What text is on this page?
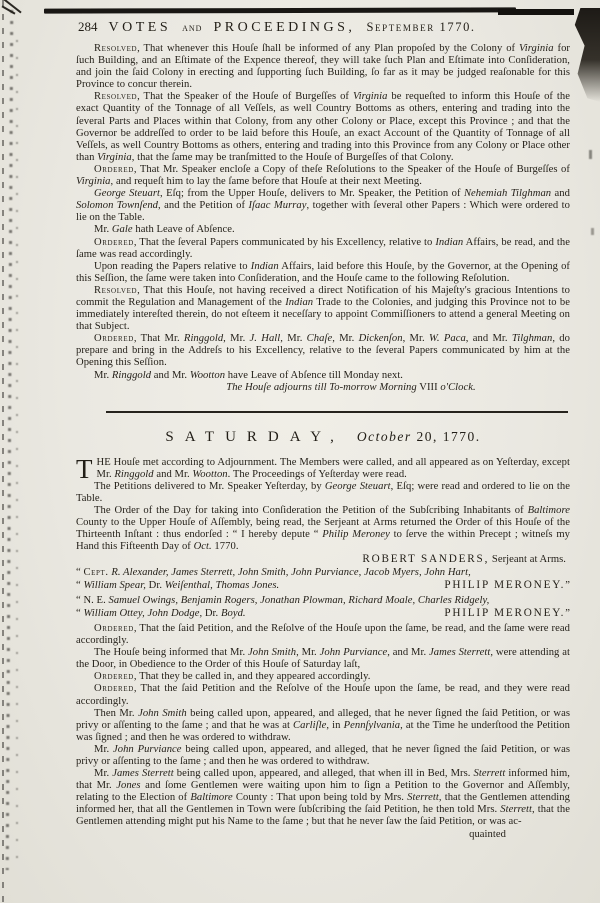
284 VOTES and PROCEEDINGS, September 1770.
Resolved, That whenever this Houſe ſhall be informed of any Plan propoſed by the Colony of Virginia for ſuch Building, and an Eſtimate of the Expence thereof, they will take ſuch Plan and Eſtimate into Conſideration, and join the ſaid Colony in erecting and ſupporting ſuch Building, ſo far as it may be judged reaſonable for this Province to concur therein.
Resolved, That the Speaker of the Houſe of Burgeſſes of Virginia be requeſted to inform this Houſe of the exact Quantity of the Tonnage of all Veſſels, as well Country Bottoms as others, entering and trading into the ſeveral Parts and Places within that Colony, from any other Colony or Place, except this Province ; and that the Governor be addreſſed to order to be laid before this Houſe, an exact Account of the Quantity of Tonnage of all Veſſels, as well Country Bottoms as others, entering and trading into this Province from any Colony or Place other than Virginia, that the ſame may be tranſmitted to the Houſe of Burgeſſes of that Colony.
Ordered, That Mr. Speaker encloſe a Copy of theſe Reſolutions to the Speaker of the Houſe of Burgeſſes of Virginia, and requeſt him to lay the ſame before that Houſe at their next Meeting.
George Steuart, Eſq; from the Upper Houſe, delivers to Mr. Speaker, the Petition of Nehemiah Tilghman and Solomon Townſend, and the Petition of Iſaac Murray, together with ſeveral other Papers : Which were ordered to lie on the Table.
Mr. Gale hath Leave of Abſence.
Ordered, That the ſeveral Papers communicated by his Excellency, relative to Indian Affairs, be read, and the ſame was read accordingly.
Upon reading the Papers relative to Indian Affairs, laid before this Houſe, by the Governor, at the Opening of this Seſſion, the ſame were taken into Conſideration, and the Houſe came to the following Reſolution.
Resolved, That this Houſe, not having received a direct Notification of his Majeſty's gracious Intentions to commit the Regulation and Management of the Indian Trade to the Colonies, and judging this Province not to be immediately intereſted therein, do not eſteem it neceſſary to appoint Commiſſioners to attend a general Meeting on that Subject.
Ordered, That Mr. Ringgold, Mr. J. Hall, Mr. Chaſe, Mr. Dickenſon, Mr. W. Paca, and Mr. Tilghman, do prepare and bring in the Addreſs to his Excellency, relative to the ſeveral Papers communicated by him at the Opening this Seſſion.
Mr. Ringgold and Mr. Wootton have Leave of Abſence till Monday next.
The Houſe adjourns till To-morrow Morning VIII o'Clock.
SATURDAY, October 20, 1770.
THE Houſe met according to Adjournment. The Members were called, and all appeared as on Yeſterday, except Mr. Ringgold and Mr. Wootton. The Proceedings of Yeſterday were read.
The Petitions delivered to Mr. Speaker Yeſterday, by George Steuart, Eſq; were read and ordered to lie on the Table.
The Order of the Day for taking into Conſideration the Petition of the Subſcribing Inhabitants of Baltimore County to the Upper Houſe of Aſſembly, being read, the Serjeant at Arms returned the Order of this Houſe of the Thirteenth Inſtant : thus endorſed : “ I hereby depute “ Philip Meroney to ſerve the within Precept ; witneſs my Hand this Fifteenth Day of Oct. 1770.
ROBERT SANDERS, Serjeant at Arms.
“ Cept. R. Alexander, James Sterrett, John Smith, John Purviance, Jacob Myers, John Hart,
“ William Spear, Dr. Weiſenthal, Thomas Jones.	PHILIP MERONEY.”
“ N. E. Samuel Owings, Benjamin Rogers, Jonathan Plowman, Richard Moale, Charles Ridgely,
“ William Ottey, John Dodge, Dr. Boyd.	PHILIP MERONEY.”
Ordered, That the ſaid Petition, and the Reſolve of the Houſe upon the ſame, be read, and the ſame were read accordingly.
The Houſe being informed that Mr. John Smith, Mr. John Purviance, and Mr. James Sterrett, were attending at the Door, in Obedience to the Order of this Houſe of Saturday laſt,
Ordered, That they be called in, and they appeared accordingly.
Ordered, That the ſaid Petition and the Reſolve of the Houſe upon the ſame, be read, and they were read accordingly.
Then Mr. John Smith being called upon, appeared, and alleged, that he never ſigned the ſaid Petition, or was privy or aſſenting to the ſame ; and that he was at Carliſle, in Pennſylvania, at the Time he underſtood the Petition was ſigned ; and then he was ordered to withdraw.
Mr. John Purviance being called upon, appeared, and alleged, that he never ſigned the ſaid Petition, or was privy or aſſenting to the ſame ; and then he was ordered to withdraw.
Mr. James Sterrett being called upon, appeared, and alleged, that when ill in Bed, Mrs. Sterrett informed him, that Mr. Jones and ſome Gentlemen were waiting upon him to ſign a Petition to the Governor and Aſſembly, relating to the Election of Baltimore County : That upon being told by Mrs. Sterrett, that the Gentlemen attending informed her, that all the Gentlemen in Town were ſubſcribing the ſaid Petition, he then told Mrs. Sterrett, that the Gentlemen attending might put his Name to the ſame ; but that he never ſaw the ſaid Petition, or was ac-
quainted
